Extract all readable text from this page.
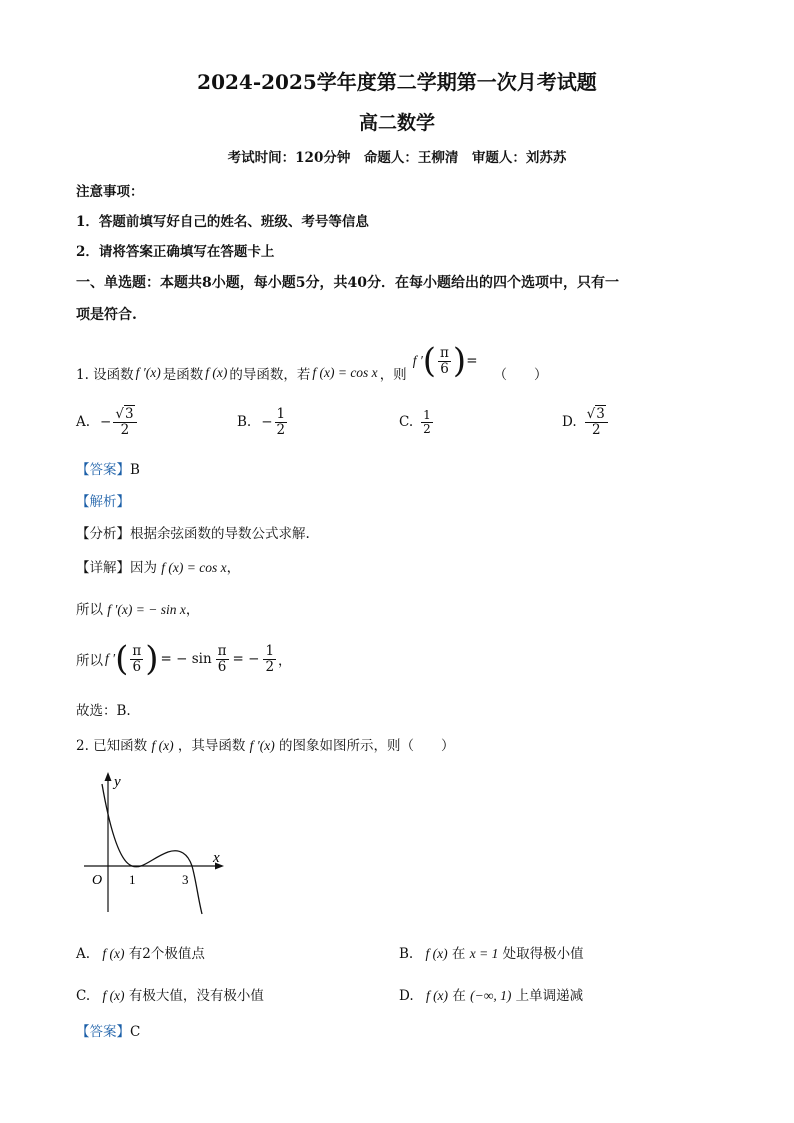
2024-2025学年度第二学期第一次月考试题
高二数学
考试时间：120分钟　命题人：王柳清　审题人：刘苏苏
注意事项：
1．答题前填写好自己的姓名、班级、考号等信息
2．请将答案正确填写在答题卡上
一、单选题：本题共8小题，每小题5分，共40分．在每小题给出的四个选项中，只有一
项是符合.
1. 设函数 f ′(x) 是函数 f (x) 的导函数，若 f (x) = cos x ，则
f ′ ( $\frac{\pi}{6}$ ) =
（　　）
A. − $\frac{√3}{2}$	B. − $\frac{1}{2}$	C. $\frac{1}{2}$	D. $\frac{√3}{2}$
【答案】B
【解析】
【分析】根据余弦函数的导数公式求解.
【详解】因为 f (x) = cos x，
所以 f ′(x) = − sin x，
所以 f ′ ( $\frac{\pi}{6}$ ) = − $\sin \frac{\pi}{6}$ = − $\frac{1}{2}$ ，
故选：B.
2. 已知函数 f (x) ，其导函数 f ′(x) 的图象如图所示，则（　　）
y
x
O 1	3
A. f (x) 有2个极值点	B. f (x) 在 x = 1 处取得极小值
C. f (x) 有极大值，没有极小值	D. f (x) 在 (−∞, 1) 上单调递减
【答案】C
